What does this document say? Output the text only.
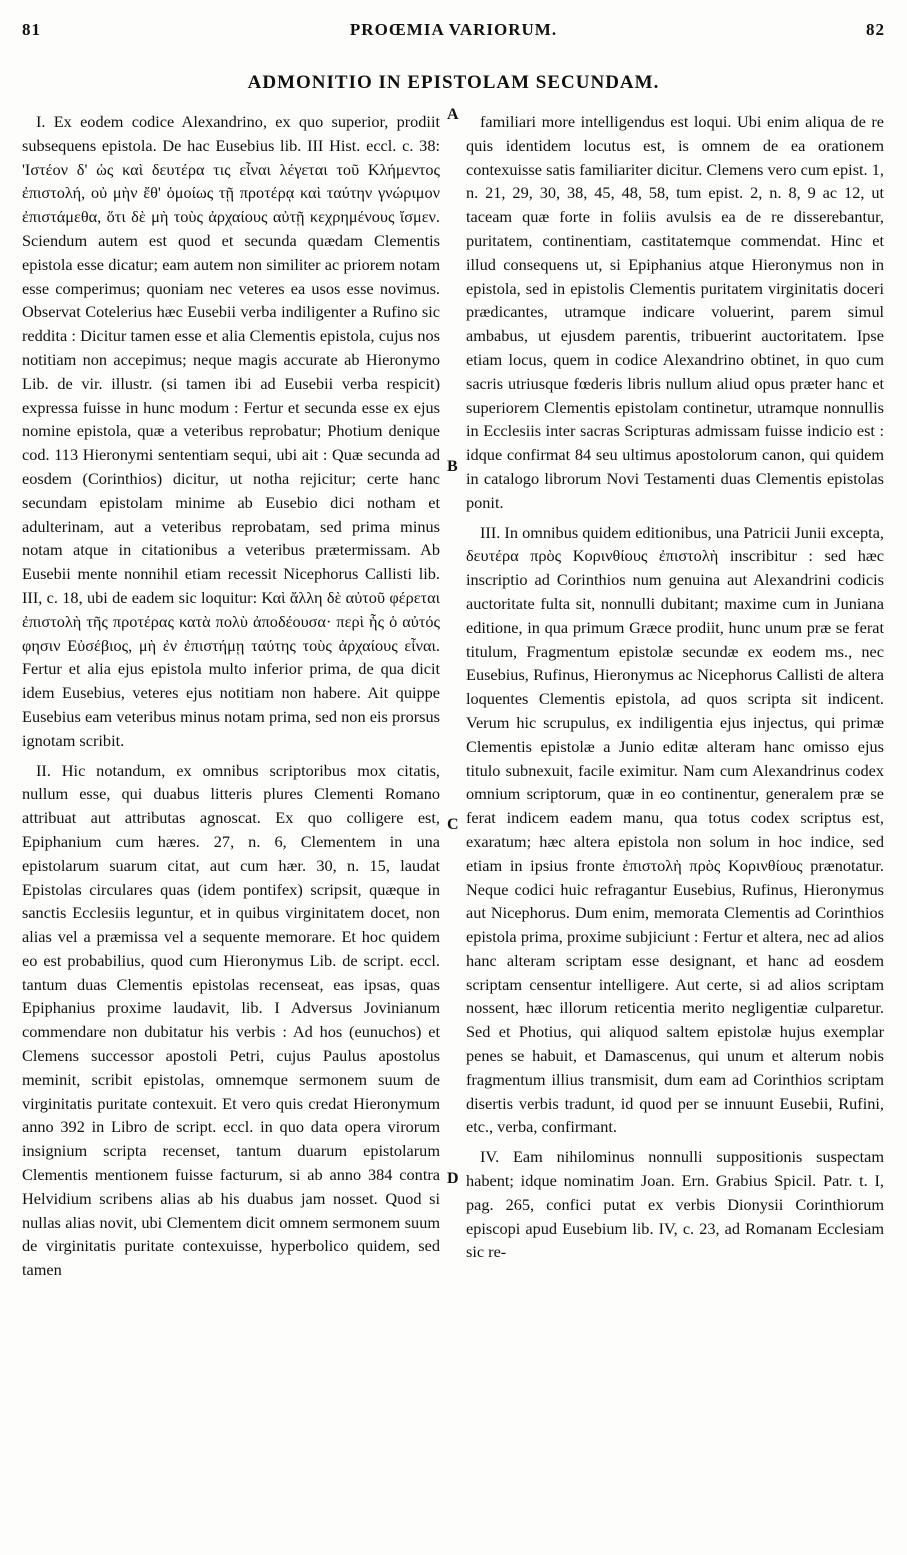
81	PROŒMIA VARIORUM.	82
ADMONITIO IN EPISTOLAM SECUNDAM.

I. Ex eodem codice Alexandrino, ex quo superior, prodiit subsequens epistola. De hac Eusebius lib. III Hist. eccl. c. 38: 'Ιστέον δ' ὡς καὶ δευτέρα τις εἶναι λέγεται τοῦ Κλήμεντος ἐπιστολή, οὐ μὴν ἔθ' ὁμοίως τῇ προτέρᾳ καὶ ταύτην γνώριμον ἐπιστάμεθα, ὅτι δὲ μὴ τοὺς ἀρχαίους αὐτῇ κεχρημένους ἴσμεν. Sciendum autem est quod et secunda quædam Clementis epistola esse dicatur; eam autem non similiter ac priorem notam esse comperimus; quoniam nec veteres ea usos esse novimus. Observat Cotelerius hæc Eusebii verba indiligenter a Rufino sic reddita : Dicitur tamen esse et alia Clementis epistola, cujus nos notitiam non accepimus; neque magis accurate ab Hieronymo Lib. de vir. illustr. (si tamen ibi ad Eusebii verba respicit) expressa fuisse in hunc modum : Fertur et secunda esse ex ejus nomine epistola, quæ a veteribus reprobatur; Photium denique cod. 113 Hieronymi sententiam sequi, ubi ait : Quæ secunda ad eosdem (Corinthios) dicitur, ut notha rejicitur; certe hanc secundam epistolam minime ab Eusebio dici notham et adulterinam, aut a veteribus reprobatam, sed prima minus notam atque in citationibus a veteribus prætermissam. Ab Eusebii mente nonnihil etiam recessit Nicephorus Callisti lib. III, c. 18, ubi de eadem sic loquitur: Καὶ ἄλλη δὲ αὐτοῦ φέρεται ἐπιστολὴ τῆς προτέρας κατὰ πολὺ ἀποδέουσα· περὶ ἧς ὁ αὐτός φησιν Εὐσέβιος, μὴ ἐν ἐπιστήμῃ ταύτης τοὺς ἀρχαίους εἶναι. Fertur et alia ejus epistola multo inferior prima, de qua dicit idem Eusebius, veteres ejus notitiam non habere. Ait quippe Eusebius eam veteribus minus notam prima, sed non eis prorsus ignotam scribit.

II. Hic notandum, ex omnibus scriptoribus mox citatis, nullum esse, qui duabus litteris plures Clementi Romano attribuat aut attributas agnoscat. Ex quo colligere est, Epiphanium cum hæres. 27, n. 6, Clementem in una epistolarum suarum citat, aut cum hær. 30, n. 15, laudat Epistolas circulares quas (idem pontifex) scripsit, quæque in sanctis Ecclesiis leguntur, et in quibus virginitatem docet, non alias vel a præmissa vel a sequente memorare. Et hoc quidem eo est probabilius, quod cum Hieronymus Lib. de script. eccl. tantum duas Clementis epistolas recenseat, eas ipsas, quas Epiphanius proxime laudavit, lib. I Adversus Jovinianum commendare non dubitatur his verbis : Ad hos (eunuchos) et Clemens successor apostoli Petri, cujus Paulus apostolus meminit, scribit epistolas, omnemque sermonem suum de virginitatis puritate contexuit. Et vero quis credat Hieronymum anno 392 in Libro de script. eccl. in quo data opera virorum insignium scripta recenset, tantum duarum epistolarum Clementis mentionem fuisse facturum, si ab anno 384 contra Helvidium scribens alias ab his duabus jam nosset. Quod si nullas alias novit, ubi Clementem dicit omnem sermonem suum de virginitatis puritate contexuisse, hyperbolico quidem, sed tamen

A
B
C
D

familiari more intelligendus est loqui. Ubi enim aliqua de re quis identidem locutus est, is omnem de ea orationem contexuisse satis familiariter dicitur. Clemens vero cum epist. 1, n. 21, 29, 30, 38, 45, 48, 58, tum epist. 2, n. 8, 9 ac 12, ut taceam quæ forte in foliis avulsis ea de re disserebantur, puritatem, continentiam, castitatemque commendat. Hinc et illud consequens ut, si Epiphanius atque Hieronymus non in epistola, sed in epistolis Clementis puritatem virginitatis doceri prædicantes, utramque indicare voluerint, parem simul ambabus, ut ejusdem parentis, tribuerint auctoritatem. Ipse etiam locus, quem in codice Alexandrino obtinet, in quo cum sacris utriusque fœderis libris nullum aliud opus præter hanc et superiorem Clementis epistolam continetur, utramque nonnullis in Ecclesiis inter sacras Scripturas admissam fuisse indicio est : idque confirmat 84 seu ultimus apostolorum canon, qui quidem in catalogo librorum Novi Testamenti duas Clementis epistolas ponit.

III. In omnibus quidem editionibus, una Patricii Junii excepta, δευτέρα πρὸς Κορινθίους ἐπιστολὴ inscribitur : sed hæc inscriptio ad Corinthios num genuina aut Alexandrini codicis auctoritate fulta sit, nonnulli dubitant; maxime cum in Juniana editione, in qua primum Græce prodiit, hunc unum præ se ferat titulum, Fragmentum epistolæ secundæ ex eodem ms., nec Eusebius, Rufinus, Hieronymus ac Nicephorus Callisti de altera loquentes Clementis epistola, ad quos scripta sit indicent. Verum hic scrupulus, ex indiligentia ejus injectus, qui primæ Clementis epistolæ a Junio editæ alteram hanc omisso ejus titulo subnexuit, facile eximitur. Nam cum Alexandrinus codex omnium scriptorum, quæ in eo continentur, generalem præ se ferat indicem eadem manu, qua totus codex scriptus est, exaratum; hæc altera epistola non solum in hoc indice, sed etiam in ipsius fronte ἐπιστολὴ πρὸς Κορινθίους prænotatur. Neque codici huic refragantur Eusebius, Rufinus, Hieronymus aut Nicephorus. Dum enim, memorata Clementis ad Corinthios epistola prima, proxime subjiciunt : Fertur et altera, nec ad alios hanc alteram scriptam esse designant, et hanc ad eosdem scriptam censentur intelligere. Aut certe, si ad alios scriptam nossent, hæc illorum reticentia merito negligentiæ culparetur. Sed et Photius, qui aliquod saltem epistolæ hujus exemplar penes se habuit, et Damascenus, qui unum et alterum nobis fragmentum illius transmisit, dum eam ad Corinthios scriptam disertis verbis tradunt, id quod per se innuunt Eusebii, Rufini, etc., verba, confirmant.

IV. Eam nihilominus nonnulli suppositionis suspectam habent; idque nominatim Joan. Ern. Grabius Spicil. Patr. t. I, pag. 265, confici putat ex verbis Dionysii Corinthiorum episcopi apud Eusebium lib. IV, c. 23, ad Romanam Ecclesiam sic re-
